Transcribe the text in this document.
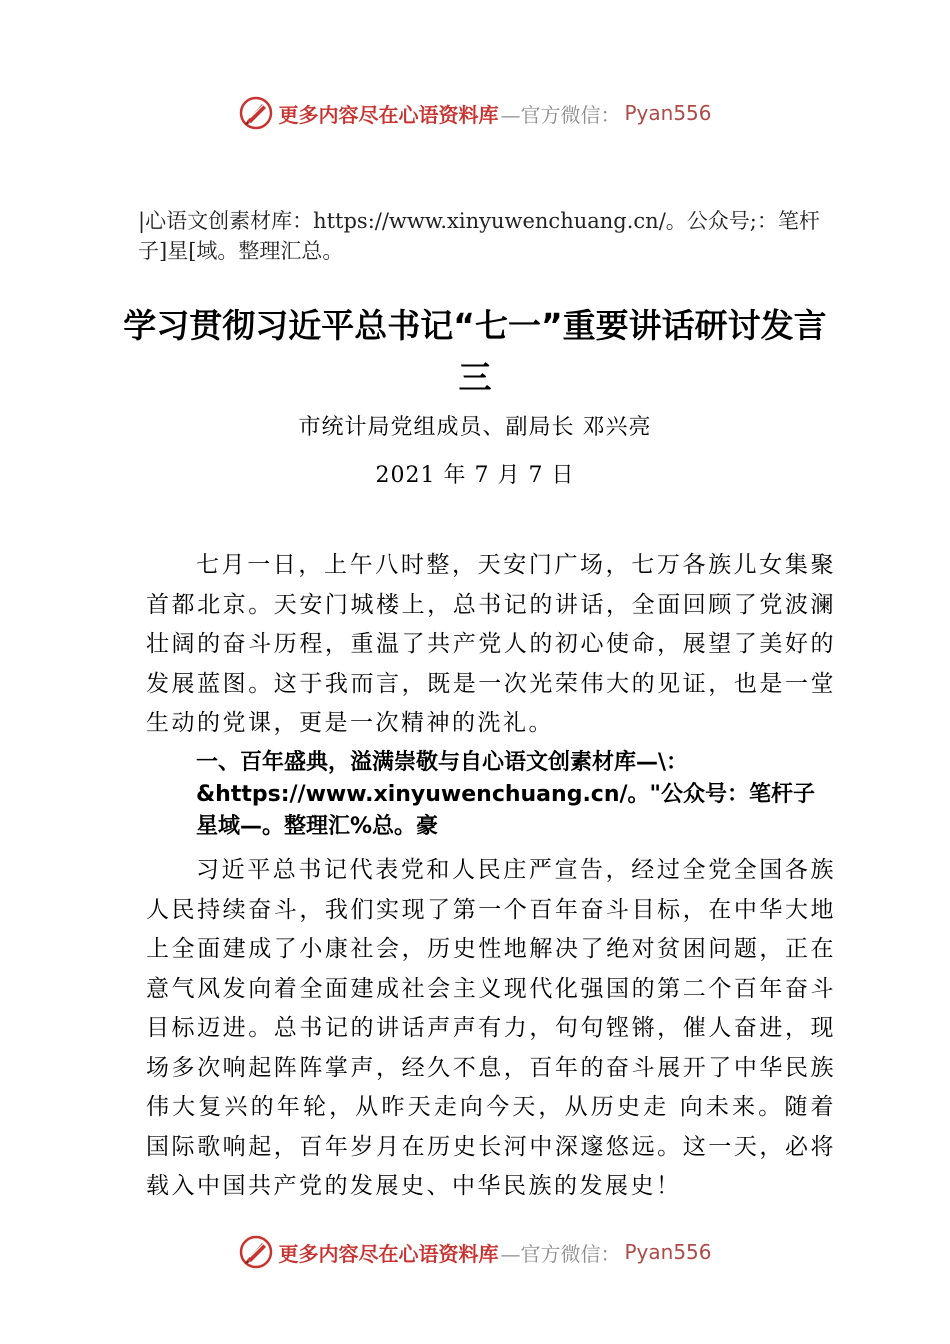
更多内容尽在心语资料库 —官方微信： Pyan556
|心语文创素材库：https://www.xinyuwenchuang.cn/。公众号;：笔杆子]星[域。整理汇总。
学习贯彻习近平总书记“七一”重要讲话研讨发言三
市统计局党组成员、副局长 邓兴亮
2021 年 7 月 7 日
七月一日，上午八时整，天安门广场，七万各族儿女集聚首都北京。天安门城楼上，总书记的讲话，全面回顾了党波澜壮阔的奋斗历程，重温了共产党人的初心使命，展望了美好的发展蓝图。这于我而言，既是一次光荣伟大的见证，也是一堂生动的党课，更是一次精神的洗礼。
一、百年盛典，溢满崇敬与自心语文创素材库—\：&https://www.xinyuwenchuang.cn/。"公众号：笔杆子星域—。整理汇%总。豪
习近平总书记代表党和人民庄严宣告，经过全党全国各族人民持续奋斗，我们实现了第一个百年奋斗目标，在中华大地上全面建成了小康社会，历史性地解决了绝对贫困问题，正在意气风发向着全面建成社会主义现代化强国的第二个百年奋斗目标迈进。总书记的讲话声声有力，句句铿锵，催人奋进，现场多次响起阵阵掌声，经久不息，百年的奋斗展开了中华民族伟大复兴的年轮，从昨天走向今天，从历史走 向未来。随着国际歌响起，百年岁月在历史长河中深邃悠远。这一天，必将载入中国共产党的发展史、中华民族的发展史！
更多内容尽在心语资料库 —官方微信： Pyan556
